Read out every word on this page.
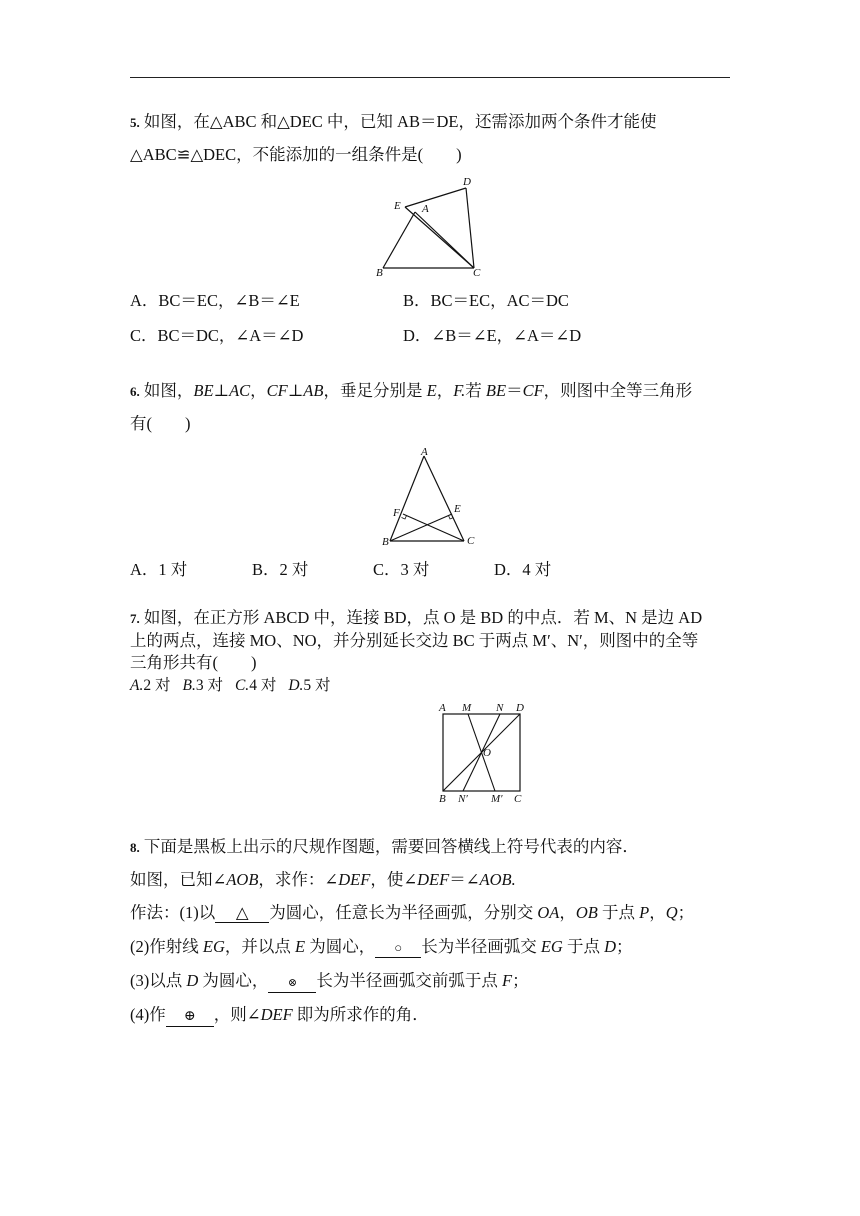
5. 如图，在△ABC 和△DEC 中，已知 AB＝DE，还需添加两个条件才能使
△ABC≌△DEC，不能添加的一组条件是(　　)
D
E A
B	C
A．BC＝EC，∠B＝∠E	B．BC＝EC，AC＝DC
C．BC＝DC，∠A＝∠D	D．∠B＝∠E，∠A＝∠D
6. 如图，BE⊥AC，CF⊥AB，垂足分别是 E，F.若 BE＝CF，则图中全等三角形
有(　　)
A
F	E
B	C
A．1 对	B．2 对	C．3 对	D．4 对
7. 如图，在正方形 ABCD 中，连接 BD，点 O 是 BD 的中点．若 M、N 是边 AD
上的两点，连接 MO、NO，并分别延长交边 BC 于两点 M′、N′，则图中的全等
三角形共有(　　)
A.2 对 B.3 对 C.4 对 D.5 对
A M N D
O
B N′ M′ C
8. 下面是黑板上出示的尺规作图题，需要回答横线上符号代表的内容．
如图，已知∠AOB，求作：∠DEF，使∠DEF＝∠AOB.
作法：(1)以 △ 为圆心，任意长为半径画弧，分别交 OA，OB 于点 P，Q；
(2)作射线 EG，并以点 E 为圆心， ○ 长为半径画弧交 EG 于点 D；
(3)以点 D 为圆心， ⊗ 长为半径画弧交前弧于点 F；
(4)作 ⊕ ，则∠DEF 即为所求作的角．
